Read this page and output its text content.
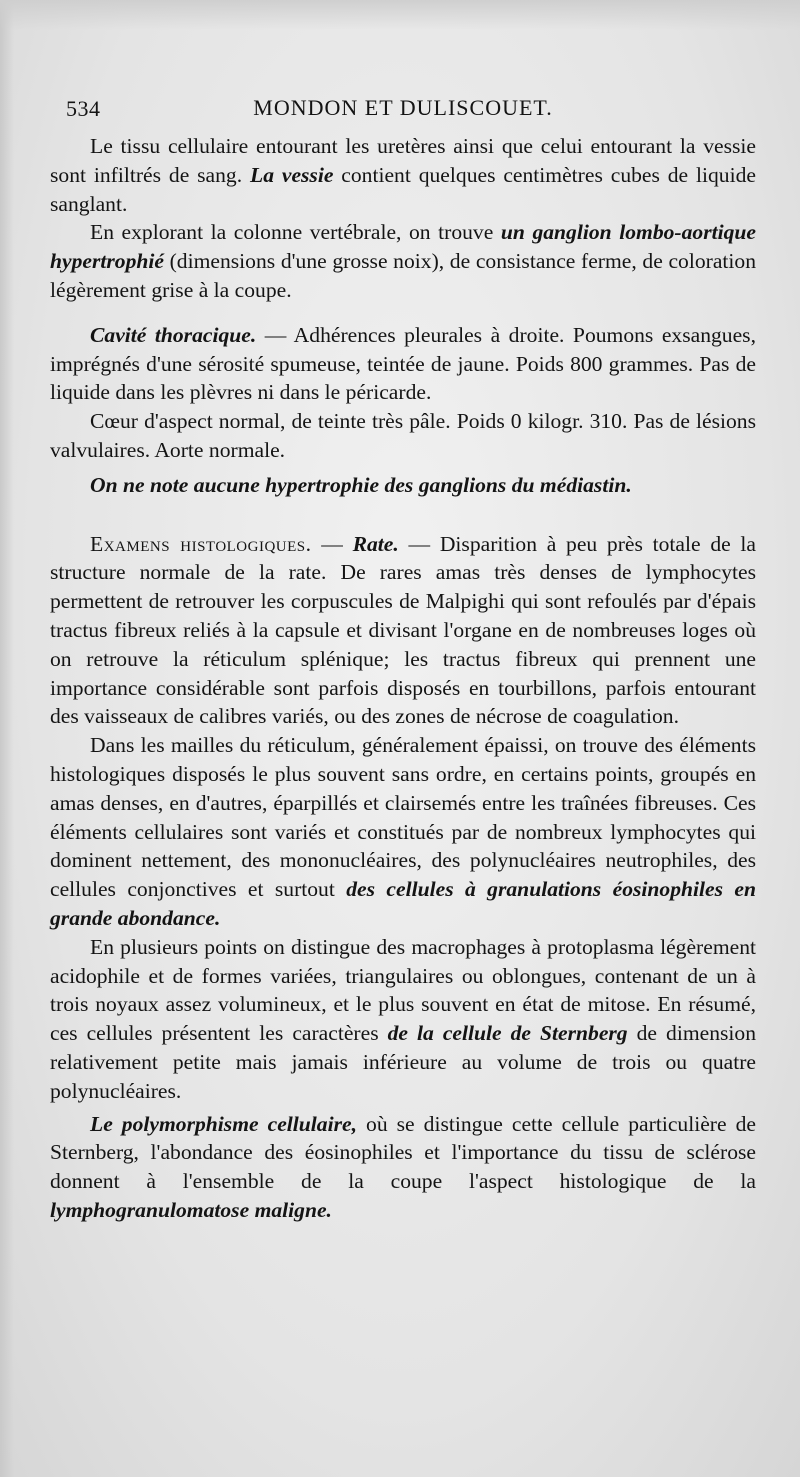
534	MONDON ET DULISCOUET.

Le tissu cellulaire entourant les uretères ainsi que celui entourant la vessie sont infiltrés de sang. La vessie contient quelques centimètres cubes de liquide sanglant.

En explorant la colonne vertébrale, on trouve un ganglion lombo-aortique hypertrophié (dimensions d'une grosse noix), de consistance ferme, de coloration légèrement grise à la coupe.

Cavité thoracique. — Adhérences pleurales à droite. Poumons exsangues, imprégnés d'une sérosité spumeuse, teintée de jaune. Poids 800 grammes. Pas de liquide dans les plèvres ni dans le péricarde.

Cœur d'aspect normal, de teinte très pâle. Poids 0 kilogr. 310. Pas de lésions valvulaires. Aorte normale.

On ne note aucune hypertrophie des ganglions du médiastin.

Examens histologiques. — Rate. — Disparition à peu près totale de la structure normale de la rate. De rares amas très denses de lymphocytes permettent de retrouver les corpuscules de Malpighi qui sont refoulés par d'épais tractus fibreux reliés à la capsule et divisant l'organe en de nombreuses loges où on retrouve la réticulum splénique; les tractus fibreux qui prennent une importance considérable sont parfois disposés en tourbillons, parfois entourant des vaisseaux de calibres variés, ou des zones de nécrose de coagulation.

Dans les mailles du réticulum, généralement épaissi, on trouve des éléments histologiques disposés le plus souvent sans ordre, en certains points, groupés en amas denses, en d'autres, éparpillés et clairsemés entre les traînées fibreuses. Ces éléments cellulaires sont variés et constitués par de nombreux lymphocytes qui dominent nettement, des mononucléaires, des polynucléaires neutrophiles, des cellules conjonctives et surtout des cellules à granulations éosinophiles en grande abondance.

En plusieurs points on distingue des macrophages à protoplasma légèrement acidophile et de formes variées, triangulaires ou oblongues, contenant de un à trois noyaux assez volumineux, et le plus souvent en état de mitose. En résumé, ces cellules présentent les caractères de la cellule de Sternberg de dimension relativement petite mais jamais inférieure au volume de trois ou quatre polynucléaires.

Le polymorphisme cellulaire, où se distingue cette cellule particulière de Sternberg, l'abondance des éosinophiles et l'importance du tissu de sclérose donnent à l'ensemble de la coupe l'aspect histologique de la lymphogranulomatose maligne.
